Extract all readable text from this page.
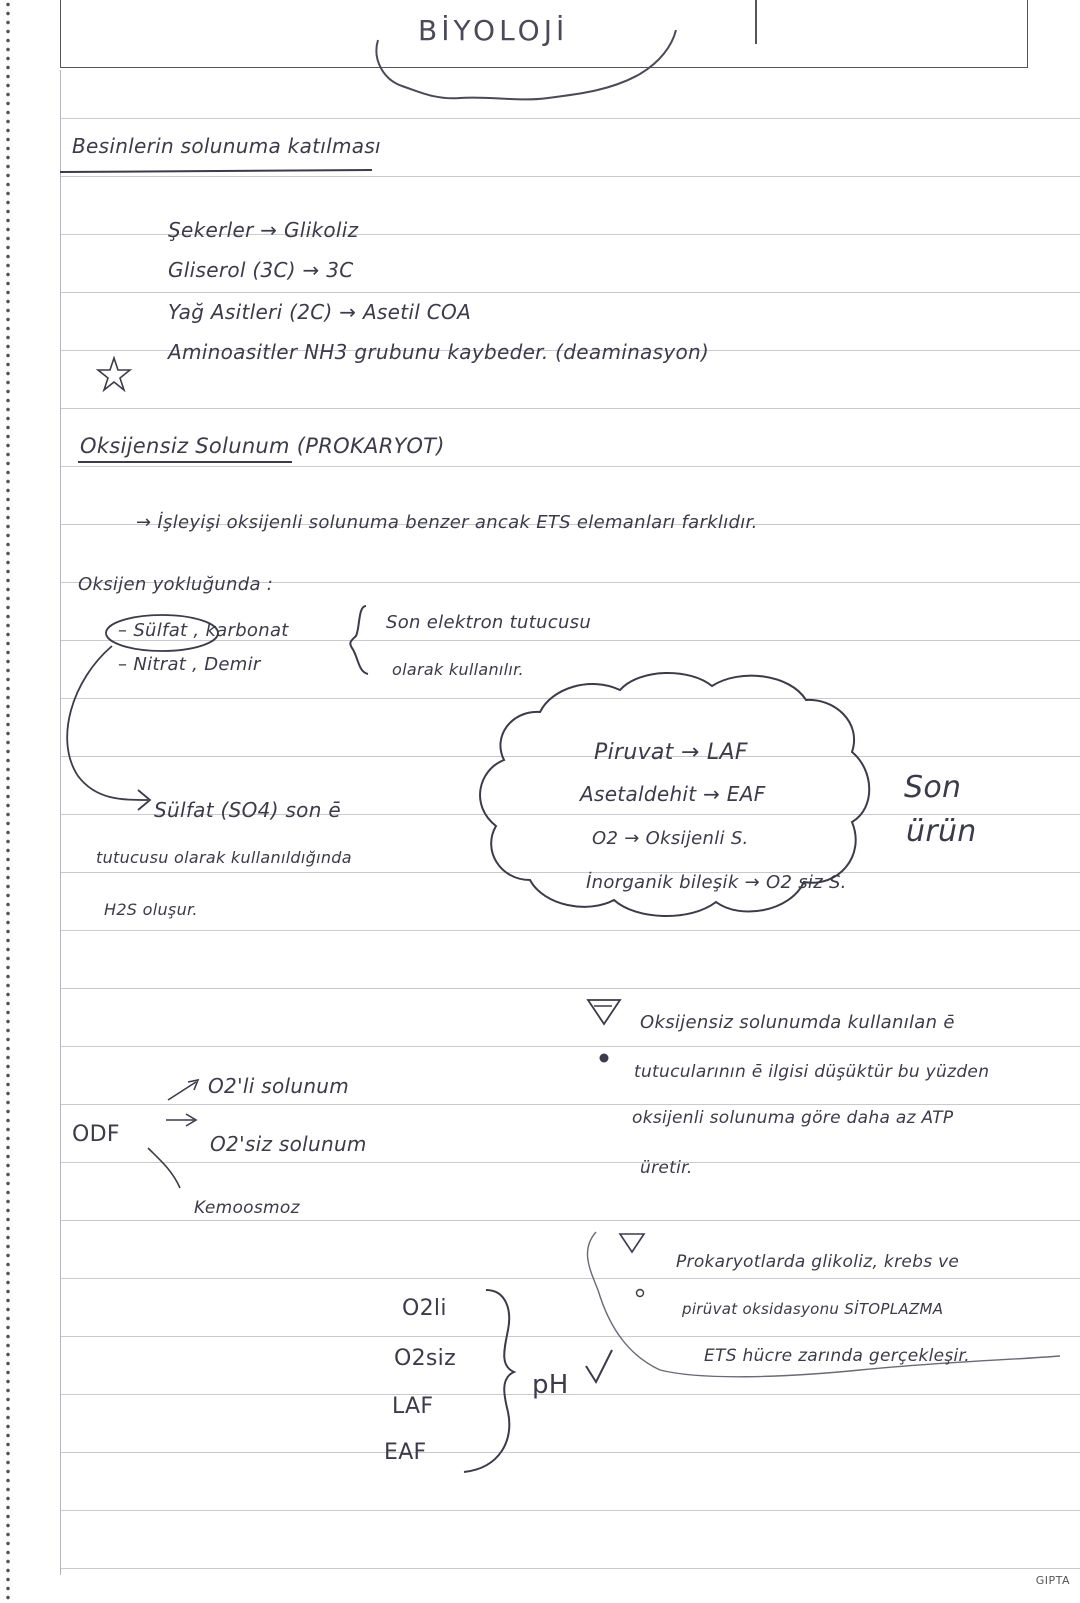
BİYOLOJİ
Besinlerin solunuma katılması
Şekerler → Glikoliz
Gliserol (3C) → 3C
Yağ Asitleri (2C) → Asetil COA
Aminoasitler NH3 grubunu kaybeder. (deaminasyon)
Oksijensiz Solunum (PROKARYOT)
→ İşleyişi oksijenli solunuma benzer ancak ETS elemanları farklıdır.
Oksijen yokluğunda :
– Sülfat , karbonat
– Nitrat , Demir
Son elektron tutucusu
olarak kullanılır.
Sülfat (SO4) son ē
tutucusu olarak kullanıldığında
H2S oluşur.
Piruvat → LAF
Asetaldehit → EAF
O2 → Oksijenli S.
İnorganik bileşik → O2 siz S.
Son
ürün
Oksijensiz solunumda kullanılan ē
tutucularının ē ilgisi düşüktür bu yüzden
oksijenli solunuma göre daha az ATP
üretir.
ODF
O2'li solunum
O2'siz solunum
Kemoosmoz
Prokaryotlarda glikoliz, krebs ve
pirüvat oksidasyonu SİTOPLAZMA
ETS hücre zarında gerçekleşir.
O2li
O2siz
LAF
EAF
pH
GIPTA
